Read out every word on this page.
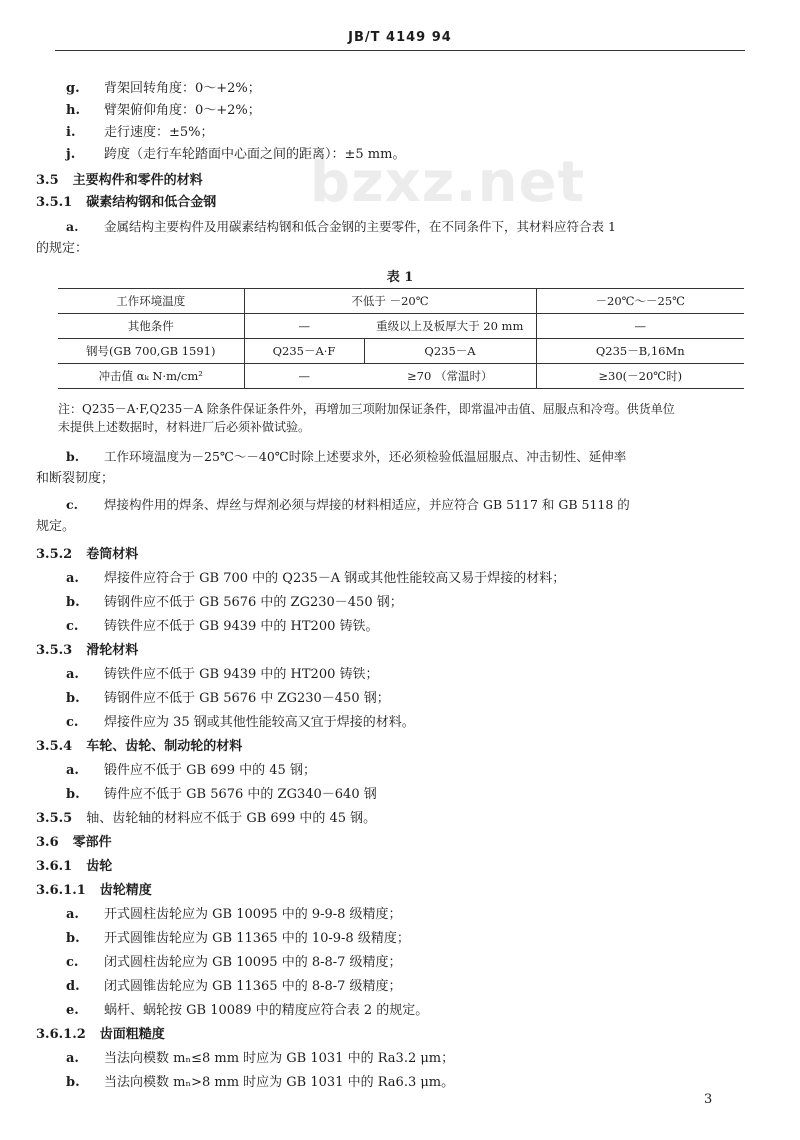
JB/T 4149 94
bzxz.net
g. 背架回转角度：0～+2%；
h. 臂架俯仰角度：0～+2%；
i. 走行速度：±5%；
j. 跨度（走行车轮踏面中心面之间的距离）：±5 mm。
3.5 主要构件和零件的材料
3.5.1 碳素结构钢和低合金钢
a. 金属结构主要构件及用碳素结构钢和低合金钢的主要零件，在不同条件下，其材料应符合表 1
的规定：
表 1
工作环境温度	不低于 －20℃		－20℃～－25℃
其他条件	—	重级以上及板厚大于 20 mm	—
钢号(GB 700,GB 1591)	Q235－A·F	Q235－A	Q235－B,16Mn
冲击值 αₖ N·m/cm²	—	≥70 （常温时）	≥30(－20℃时)
注：Q235－A·F,Q235－A 除条件保证条件外，再增加三项附加保证条件，即常温冲击值、屈服点和冷弯。供货单位
未提供上述数据时，材料进厂后必须补做试验。
b. 工作环境温度为－25℃～－40℃时除上述要求外，还必须检验低温屈服点、冲击韧性、延伸率
和断裂韧度；
c. 焊接构件用的焊条、焊丝与焊剂必须与焊接的材料相适应，并应符合 GB 5117 和 GB 5118 的
规定。
3.5.2 卷筒材料
a. 焊接件应符合于 GB 700 中的 Q235－A 钢或其他性能较高又易于焊接的材料；
b. 铸钢件应不低于 GB 5676 中的 ZG230－450 钢；
c. 铸铁件应不低于 GB 9439 中的 HT200 铸铁。
3.5.3 滑轮材料
a. 铸铁件应不低于 GB 9439 中的 HT200 铸铁；
b. 铸钢件应不低于 GB 5676 中 ZG230－450 钢；
c. 焊接件应为 35 钢或其他性能较高又宜于焊接的材料。
3.5.4 车轮、齿轮、制动轮的材料
a. 锻件应不低于 GB 699 中的 45 钢；
b. 铸件应不低于 GB 5676 中的 ZG340－640 钢
3.5.5 轴、齿轮轴的材料应不低于 GB 699 中的 45 钢。
3.6 零部件
3.6.1 齿轮
3.6.1.1 齿轮精度
a. 开式圆柱齿轮应为 GB 10095 中的 9-9-8 级精度；
b. 开式圆锥齿轮应为 GB 11365 中的 10-9-8 级精度；
c. 闭式圆柱齿轮应为 GB 10095 中的 8-8-7 级精度；
d. 闭式圆锥齿轮应为 GB 11365 中的 8-8-7 级精度；
e. 蜗杆、蜗轮按 GB 10089 中的精度应符合表 2 的规定。
3.6.1.2 齿面粗糙度
a. 当法向模数 mₙ≤8 mm 时应为 GB 1031 中的 Ra3.2 μm；
b. 当法向模数 mₙ>8 mm 时应为 GB 1031 中的 Ra6.3 μm。
3
